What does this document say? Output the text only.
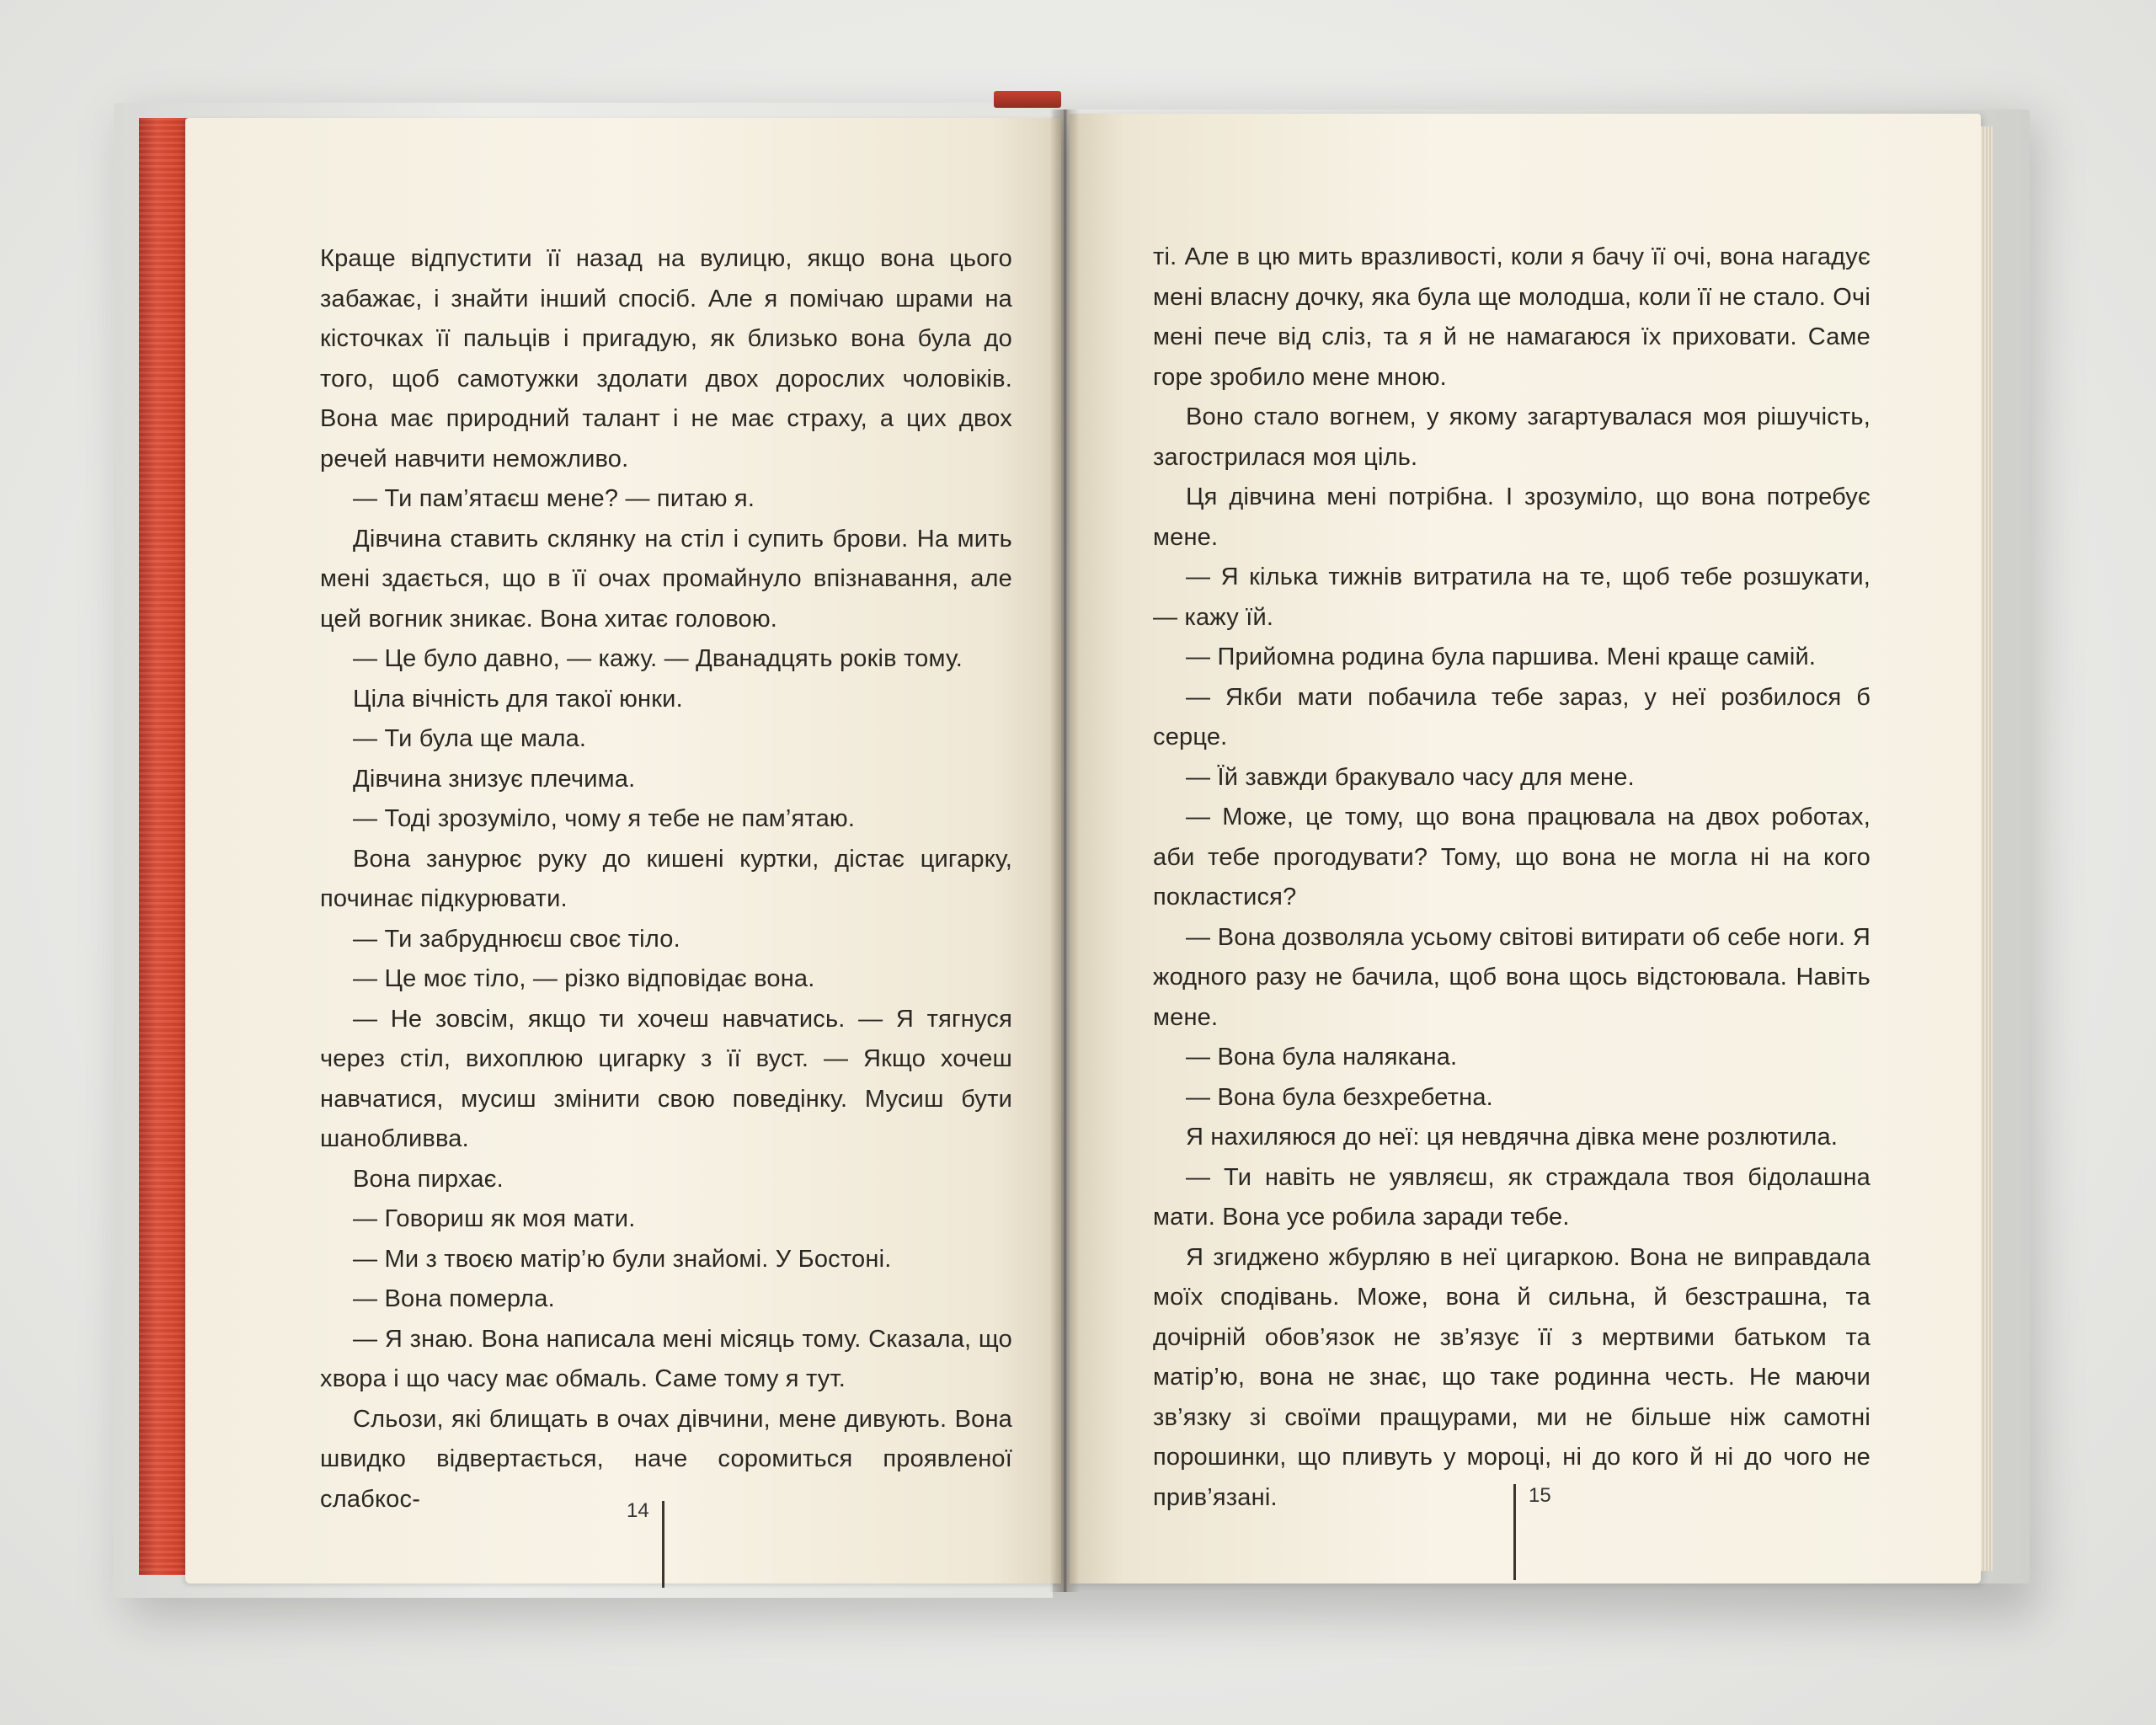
Краще відпустити її назад на вулицю, якщо вона цього забажає, і знайти інший спосіб. Але я помічаю шрами на кісточках її пальців і пригадую, як близько вона була до того, щоб самотужки здолати двох дорослих чоловіків. Вона має природний талант і не має страху, а цих двох речей навчити неможливо.

— Ти пам’ятаєш мене? — питаю я.

Дівчина ставить склянку на стіл і супить брови. На мить мені здається, що в її очах промайнуло впізнавання, але цей вогник зникає. Вона хитає головою.

— Це було давно, — кажу. — Дванадцять років тому.

Ціла вічність для такої юнки.

— Ти була ще мала.

Дівчина знизує плечима.

— Тоді зрозуміло, чому я тебе не пам’ятаю.

Вона занурює руку до кишені куртки, дістає цигарку, починає підкурювати.

— Ти забруднюєш своє тіло.

— Це моє тіло, — різко відповідає вона.

— Не зовсім, якщо ти хочеш навчатись. — Я тягнуся через стіл, вихоплюю цигарку з її вуст. — Якщо хочеш навчатися, мусиш змінити свою поведінку. Мусиш бути шанобливва.

Вона пирхає.

— Говориш як моя мати.

— Ми з твоєю матір’ю були знайомі. У Бостоні.

— Вона померла.

— Я знаю. Вона написала мені місяць тому. Сказала, що хвора і що часу має обмаль. Саме тому я тут.

Сльози, які блищать в очах дівчини, мене дивують. Вона швидко відвертається, наче соромиться проявленої слабкос-

ті. Але в цю мить вразливості, коли я бачу її очі, вона нагадує мені власну дочку, яка була ще молодша, коли її не стало. Очі мені пече від сліз, та я й не намагаюся їх приховати. Саме горе зробило мене мною.

Воно стало вогнем, у якому загартувалася моя рішучість, загострилася моя ціль.

Ця дівчина мені потрібна. І зрозуміло, що вона потребує мене.

— Я кілька тижнів витратила на те, щоб тебе розшукати, — кажу їй.

— Прийомна родина була паршива. Мені краще самій.

— Якби мати побачила тебе зараз, у неї розбилося б серце.

— Їй завжди бракувало часу для мене.

— Може, це тому, що вона працювала на двох роботах, аби тебе прогодувати? Тому, що вона не могла ні на кого покластися?

— Вона дозволяла усьому світові витирати об себе ноги. Я жодного разу не бачила, щоб вона щось відстоювала. Навіть мене.

— Вона була налякана.

— Вона була безхребетна.

Я нахиляюся до неї: ця невдячна дівка мене розлютила.

— Ти навіть не уявляєш, як страждала твоя бідолашна мати. Вона усе робила заради тебе.

Я згиджено жбурляю в неї цигаркою. Вона не виправдала моїх сподівань. Може, вона й сильна, й безстрашна, та дочірній обов’язок не зв’язує її з мертвими батьком та матір’ю, вона не знає, що таке родинна честь. Не маючи зв’язку зі своїми пращурами, ми не більше ніж самотні порошинки, що пливуть у мороці, ні до кого й ні до чого не прив’язані.

14
15
